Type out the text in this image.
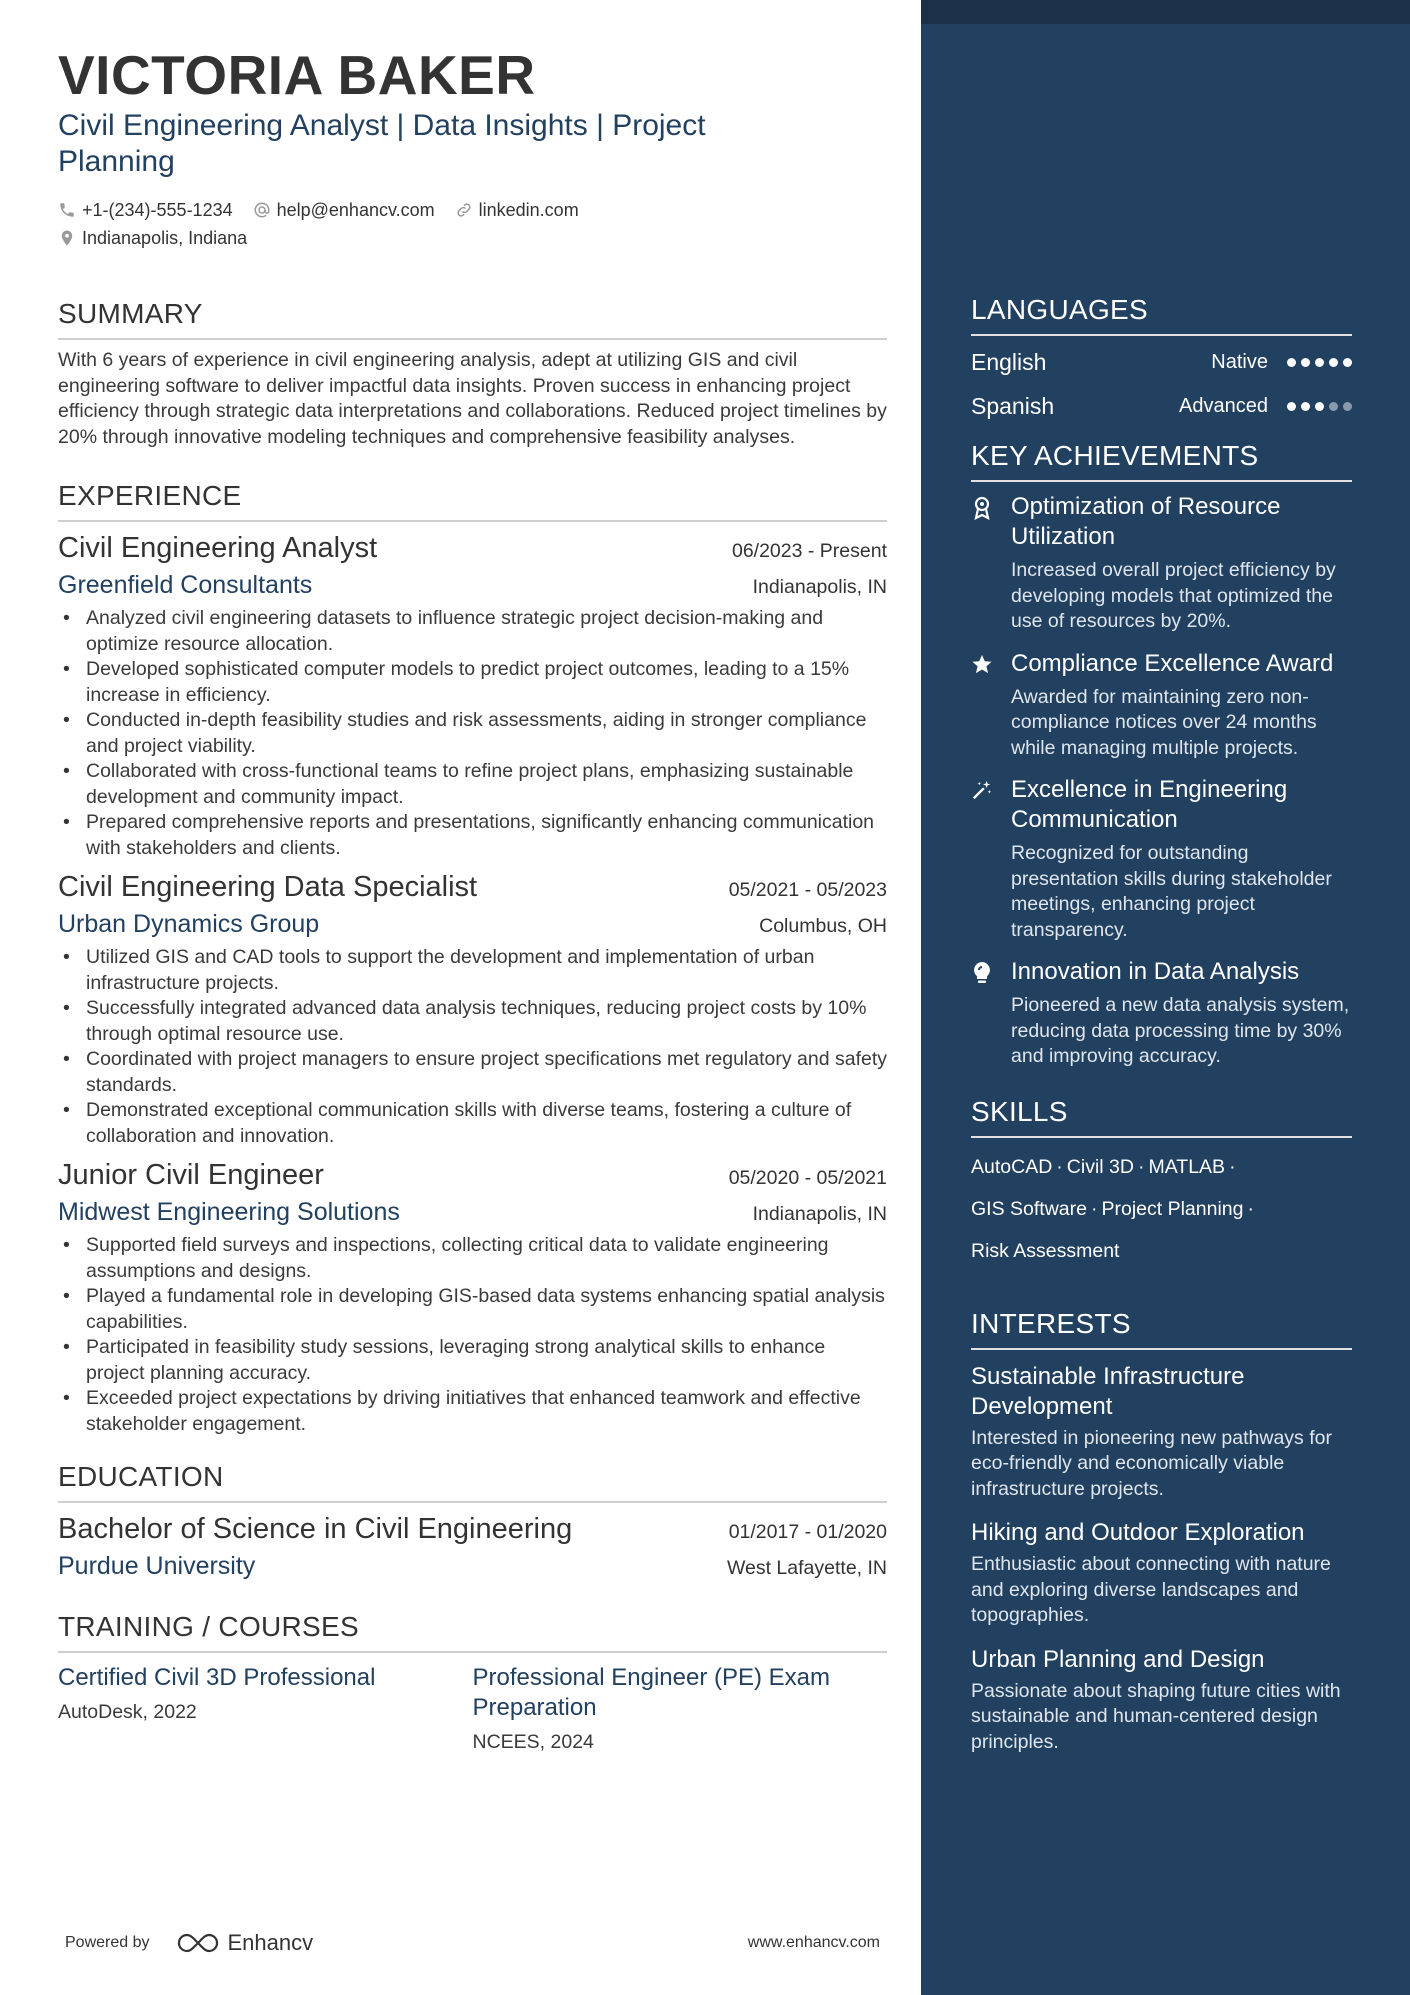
VICTORIA BAKER
Civil Engineering Analyst | Data Insights | Project Planning
+1-(234)-555-1234 help@enhancv.com linkedin.com
Indianapolis, Indiana
SUMMARY
With 6 years of experience in civil engineering analysis, adept at utilizing GIS and civil engineering software to deliver impactful data insights. Proven success in enhancing project efficiency through strategic data interpretations and collaborations. Reduced project timelines by 20% through innovative modeling techniques and comprehensive feasibility analyses.
EXPERIENCE
Civil Engineering Analyst	06/2023 - Present
Greenfield Consultants	Indianapolis, IN
• Analyzed civil engineering datasets to influence strategic project decision-making and optimize resource allocation.
• Developed sophisticated computer models to predict project outcomes, leading to a 15% increase in efficiency.
• Conducted in-depth feasibility studies and risk assessments, aiding in stronger compliance and project viability.
• Collaborated with cross-functional teams to refine project plans, emphasizing sustainable development and community impact.
• Prepared comprehensive reports and presentations, significantly enhancing communication with stakeholders and clients.
Civil Engineering Data Specialist	05/2021 - 05/2023
Urban Dynamics Group	Columbus, OH
• Utilized GIS and CAD tools to support the development and implementation of urban infrastructure projects.
• Successfully integrated advanced data analysis techniques, reducing project costs by 10% through optimal resource use.
• Coordinated with project managers to ensure project specifications met regulatory and safety standards.
• Demonstrated exceptional communication skills with diverse teams, fostering a culture of collaboration and innovation.
Junior Civil Engineer	05/2020 - 05/2021
Midwest Engineering Solutions	Indianapolis, IN
• Supported field surveys and inspections, collecting critical data to validate engineering assumptions and designs.
• Played a fundamental role in developing GIS-based data systems enhancing spatial analysis capabilities.
• Participated in feasibility study sessions, leveraging strong analytical skills to enhance project planning accuracy.
• Exceeded project expectations by driving initiatives that enhanced teamwork and effective stakeholder engagement.
EDUCATION
Bachelor of Science in Civil Engineering	01/2017 - 01/2020
Purdue University	West Lafayette, IN
TRAINING / COURSES
Certified Civil 3D Professional
AutoDesk, 2022
Professional Engineer (PE) Exam Preparation
NCEES, 2024
Powered by	Enhancv	www.enhancv.com
LANGUAGES
English	Native
Spanish	Advanced
KEY ACHIEVEMENTS
Optimization of Resource Utilization
Increased overall project efficiency by developing models that optimized the use of resources by 20%.
Compliance Excellence Award
Awarded for maintaining zero non-compliance notices over 24 months while managing multiple projects.
Excellence in Engineering Communication
Recognized for outstanding presentation skills during stakeholder meetings, enhancing project transparency.
Innovation in Data Analysis
Pioneered a new data analysis system, reducing data processing time by 30% and improving accuracy.
SKILLS
AutoCAD · Civil 3D · MATLAB ·
GIS Software · Project Planning ·
Risk Assessment
INTERESTS
Sustainable Infrastructure Development
Interested in pioneering new pathways for eco-friendly and economically viable infrastructure projects.
Hiking and Outdoor Exploration
Enthusiastic about connecting with nature and exploring diverse landscapes and topographies.
Urban Planning and Design
Passionate about shaping future cities with sustainable and human-centered design principles.
